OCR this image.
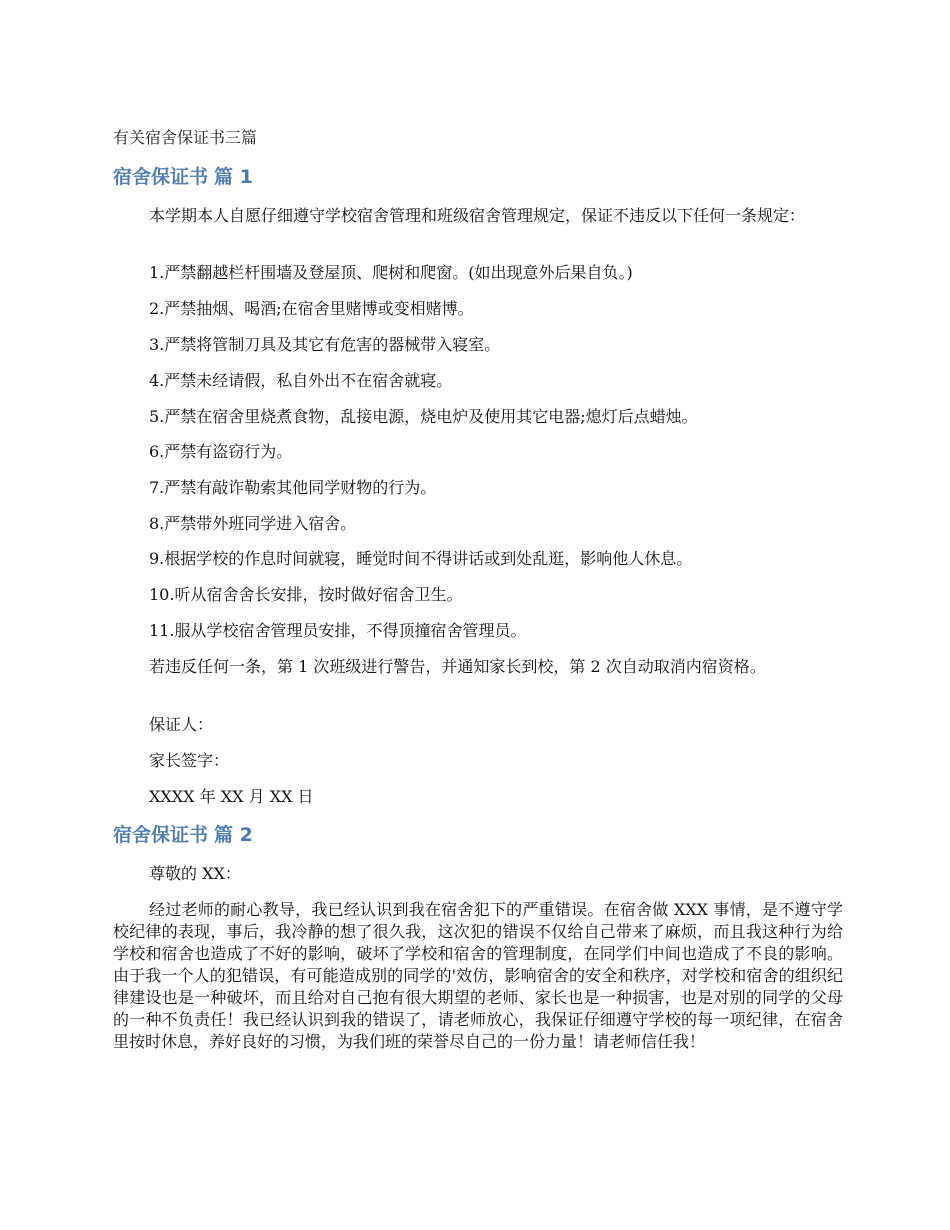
有关宿舍保证书三篇
宿舍保证书 篇 1
本学期本人自愿仔细遵守学校宿舍管理和班级宿舍管理规定，保证不违反以下任何一条规定：
1.严禁翻越栏杆围墙及登屋顶、爬树和爬窗。(如出现意外后果自负。)
2.严禁抽烟、喝酒;在宿舍里赌博或变相赌博。
3.严禁将管制刀具及其它有危害的器械带入寝室。
4.严禁未经请假，私自外出不在宿舍就寝。
5.严禁在宿舍里烧煮食物，乱接电源，烧电炉及使用其它电器;熄灯后点蜡烛。
6.严禁有盗窃行为。
7.严禁有敲诈勒索其他同学财物的行为。
8.严禁带外班同学进入宿舍。
9.根据学校的作息时间就寝，睡觉时间不得讲话或到处乱逛，影响他人休息。
10.听从宿舍舍长安排，按时做好宿舍卫生。
11.服从学校宿舍管理员安排，不得顶撞宿舍管理员。
若违反任何一条，第 1 次班级进行警告，并通知家长到校，第 2 次自动取消内宿资格。
保证人：
家长签字：
XXXX 年 XX 月 XX 日
宿舍保证书 篇 2
尊敬的 XX：
经过老师的耐心教导，我已经认识到我在宿舍犯下的严重错误。在宿舍做 XXX 事情，是不遵守学校纪律的表现，事后，我冷静的想了很久我，这次犯的错误不仅给自己带来了麻烦，而且我这种行为给学校和宿舍也造成了不好的影响，破坏了学校和宿舍的管理制度，在同学们中间也造成了不良的影响。由于我一个人的犯错误，有可能造成别的同学的'效仿，影响宿舍的安全和秩序，对学校和宿舍的组织纪律建设也是一种破坏，而且给对自己抱有很大期望的老师、家长也是一种损害，也是对别的同学的父母的一种不负责任！我已经认识到我的错误了，请老师放心，我保证仔细遵守学校的每一项纪律，在宿舍里按时休息，养好良好的习惯，为我们班的荣誉尽自己的一份力量！请老师信任我！
